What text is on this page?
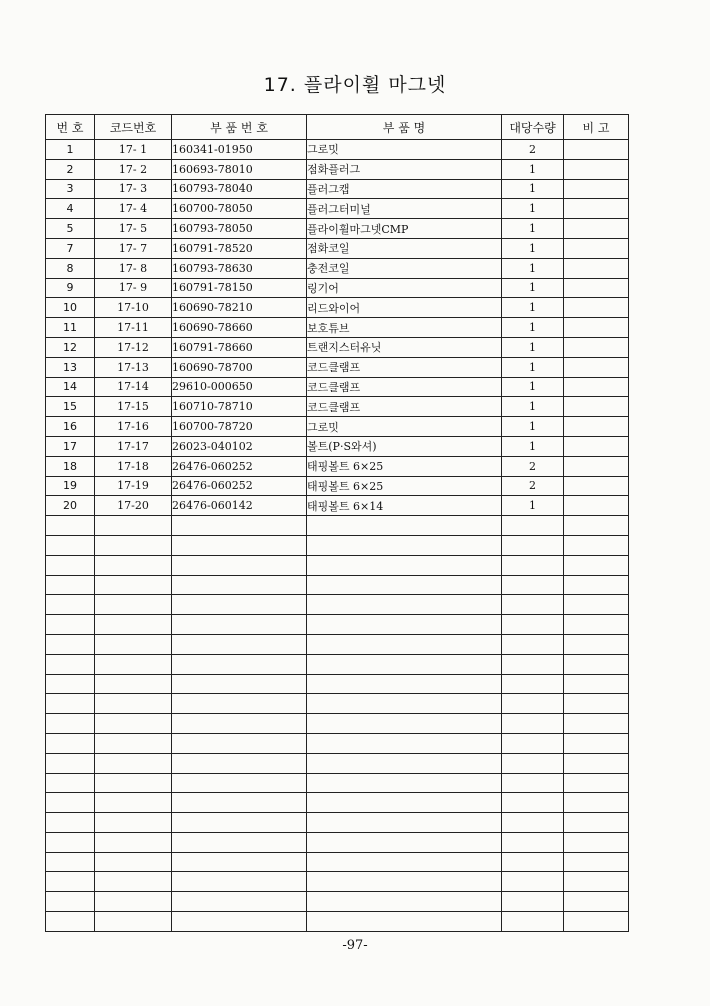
17. 플라이휠 마그넷
번 호	코드번호	부 품 번 호	부 품 명	대당수량	비 고
1	17- 1	160341-01950	그로밋	2	
2	17- 2	160693-78010	점화플러그	1	
3	17- 3	160793-78040	플러그캡	1	
4	17- 4	160700-78050	플러그터미널	1	
5	17- 5	160793-78050	플라이휠마그넷CMP	1	
7	17- 7	160791-78520	점화코일	1	
8	17- 8	160793-78630	충전코일	1	
9	17- 9	160791-78150	링기어	1	
10	17-10	160690-78210	리드와이어	1	
11	17-11	160690-78660	보호튜브	1	
12	17-12	160791-78660	트랜지스터유닛	1	
13	17-13	160690-78700	코드클램프	1	
14	17-14	29610-000650	코드클램프	1	
15	17-15	160710-78710	코드클램프	1	
16	17-16	160700-78720	그로밋	1	
17	17-17	26023-040102	볼트(P·S와셔)	1	
18	17-18	26476-060252	태핑볼트 6×25	2	
19	17-19	26476-060252	태핑볼트 6×25	2	
20	17-20	26476-060142	태핑볼트 6×14	1	

-97-
